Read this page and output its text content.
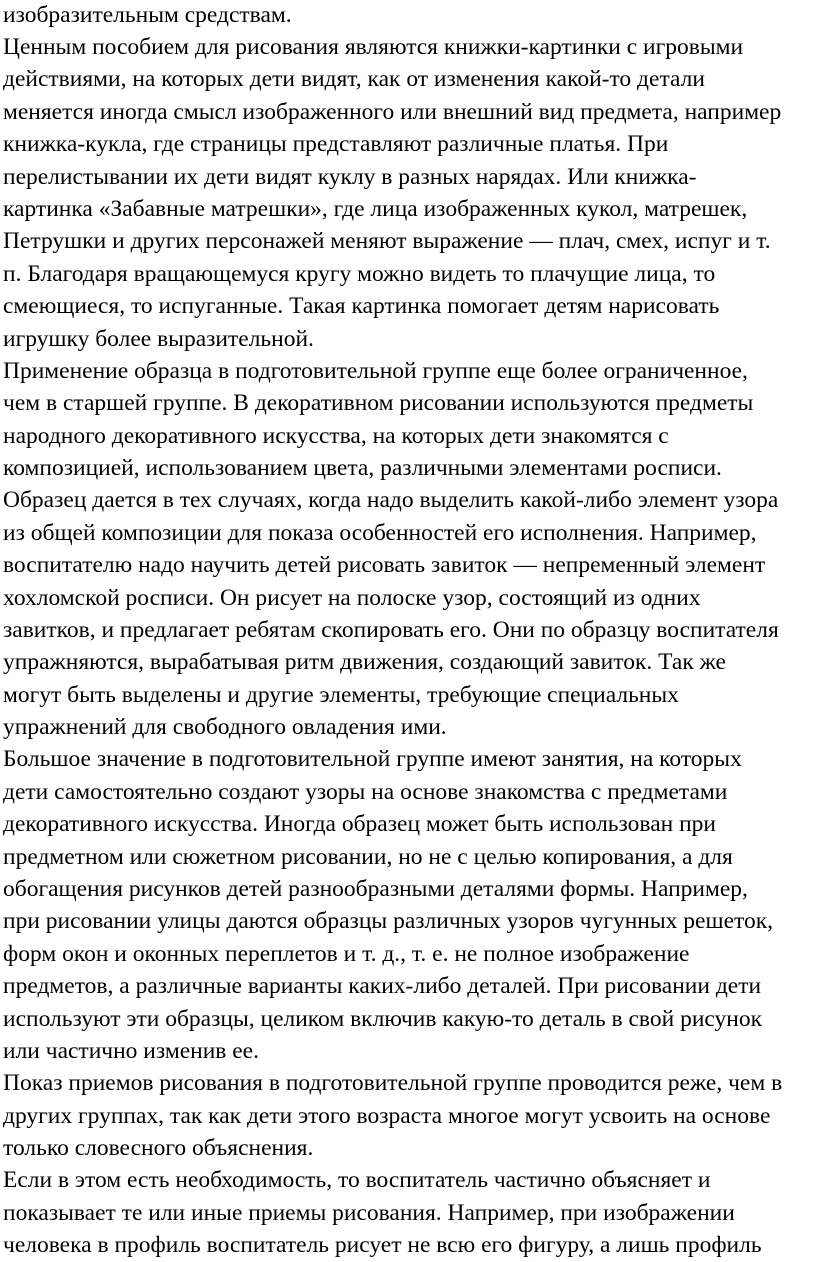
изобразительным средствам.

Ценным пособием для рисования являются книжки-картинки с игровыми

действиями, на которых дети видят, как от изменения какой-то детали

меняется иногда смысл изображенного или внешний вид предмета, например

книжка-кукла, где страницы представляют различные платья. При

перелистывании их дети видят куклу в разных нарядах. Или книжка-

картинка «Забавные матрешки», где лица изображенных кукол, матрешек,

Петрушки и других персонажей меняют выражение — плач, смех, испуг и т.

п. Благодаря вращающемуся кругу можно видеть то плачущие лица, то

смеющиеся, то испуганные. Такая картинка помогает детям нарисовать

игрушку более выразительной.

Применение образца в подготовительной группе еще более ограниченное,

чем в старшей группе. В декоративном рисовании используются предметы

народного декоративного искусства, на которых дети знакомятся с

композицией, использованием цвета, различными элементами росписи.

Образец дается в тех случаях, когда надо выделить какой-либо элемент узора

из общей композиции для показа особенностей его исполнения. Например,

воспитателю надо научить детей рисовать завиток — непременный элемент

хохломской росписи. Он рисует на полоске узор, состоящий из одних

завитков, и предлагает ребятам скопировать его. Они по образцу воспитателя

упражняются, вырабатывая ритм движения, создающий завиток. Так же

могут быть выделены и другие элементы, требующие специальных

упражнений для свободного овладения ими.

Большое значение в подготовительной группе имеют занятия, на которых

дети самостоятельно создают узоры на основе знакомства с предметами

декоративного искусства. Иногда образец может быть использован при

предметном или сюжетном рисовании, но не с целью копирования, а для

обогащения рисунков детей разнообразными деталями формы. Например,

при рисовании улицы даются образцы различных узоров чугунных решеток,

форм окон и оконных переплетов и т. д., т. е. не полное изображение

предметов, а различные варианты каких-либо деталей. При рисовании дети

используют эти образцы, целиком включив какую-то деталь в свой рисунок

или частично изменив ее.

Показ приемов рисования в подготовительной группе проводится реже, чем в

других группах, так как дети этого возраста многое могут усвоить на основе

только словесного объяснения.

Если в этом есть необходимость, то воспитатель частично объясняет и

показывает те или иные приемы рисования. Например, при изображении

человека в профиль воспитатель рисует не всю его фигуру, а лишь профиль
